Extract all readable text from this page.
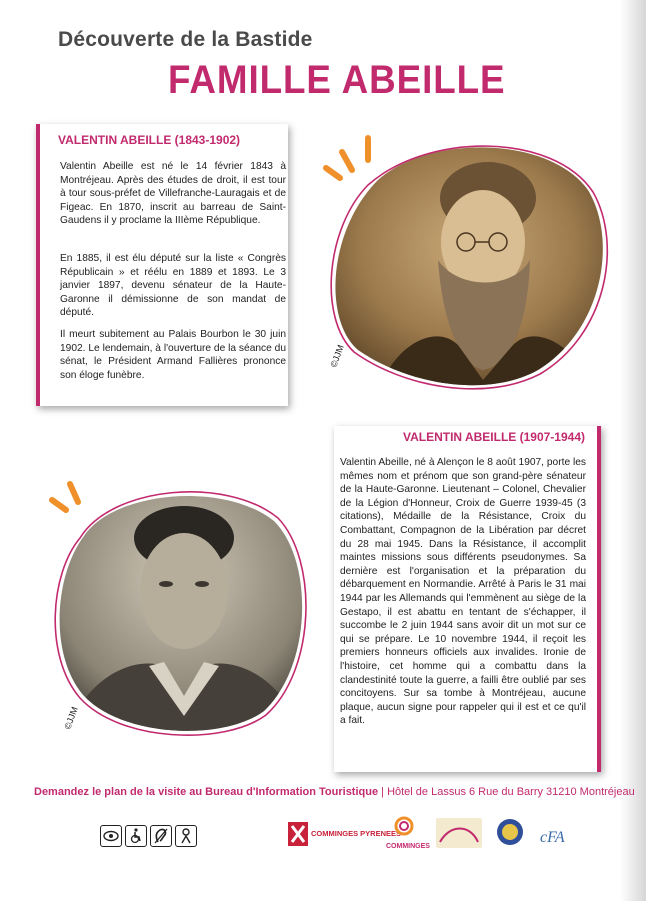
Découverte de la Bastide
FAMILLE ABEILLE
VALENTIN ABEILLE (1843-1902)

Valentin Abeille est né le 14 février 1843 à Montréjeau. Après des études de droit, il est tour à tour sous-préfet de Villefranche-Lauragais et de Figeac. En 1870, inscrit au barreau de Saint-Gaudens il y proclame la IIIème République.

En 1885, il est élu député sur la liste « Congrès Républicain » et réélu en 1889 et 1893. Le 3 janvier 1897, devenu sénateur de la Haute-Garonne il démissionne de son mandat de député.

Il meurt subitement au Palais Bourbon le 30 juin 1902. Le lendemain, à l'ouverture de la séance du sénat, le Président Armand Fallières prononce son éloge funèbre.

©JJM
VALENTIN ABEILLE (1907-1944)

Valentin Abeille, né à Alençon le 8 août 1907, porte les mêmes nom et prénom que son grand-père sénateur de la Haute-Garonne. Lieutenant – Colonel, Chevalier de la Légion d'Honneur, Croix de Guerre 1939-45 (3 citations), Médaille de la Résistance, Croix du Combattant, Compagnon de la Libération par décret du 28 mai 1945. Dans la Résistance, il accomplit maintes missions sous différents pseudonymes. Sa dernière est l'organisation et la préparation du débarquement en Normandie. Arrêté à Paris le 31 mai 1944 par les Allemands qui l'emmènent au siège de la Gestapo, il est abattu en tentant de s'échapper, il succombe le 2 juin 1944 sans avoir dit un mot sur ce qui se prépare. Le 10 novembre 1944, il reçoit les premiers honneurs officiels aux invalides. Ironie de l'histoire, cet homme qui a combattu dans la clandestinité toute la guerre, a failli être oublié par ses concitoyens. Sur sa tombe à Montréjeau, aucune plaque, aucun signe pour rappeler qui il est et ce qu'il a fait.

©JJM
Demandez le plan de la visite au Bureau d'Information Touristique | Hôtel de Lassus 6 Rue du Barry 31210 Montréjeau
COMMINGES PYRENEES
COMMINGES
cFA
